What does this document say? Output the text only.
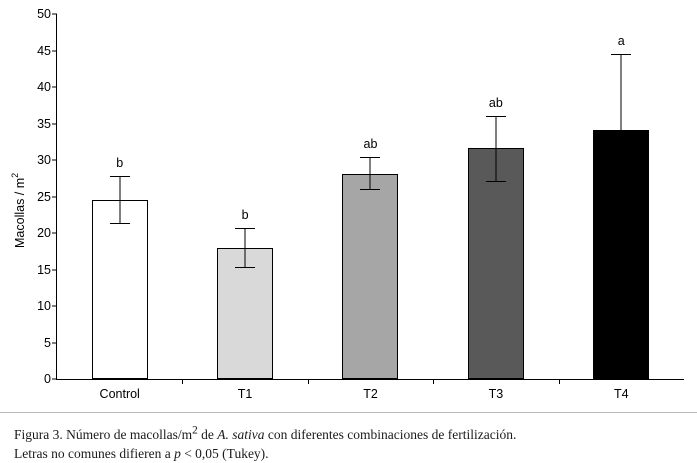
Macollas / $m^2$
0
5
10
15
20
25
30
35
40
45
50
b
Control
b
T1
ab
T2
ab
T3
a
T4
Figura 3. Número de macollas/$m^2$ de A. sativa con diferentes combinaciones de fertilización.
Letras no comunes difieren a p < 0,05 (Tukey).
